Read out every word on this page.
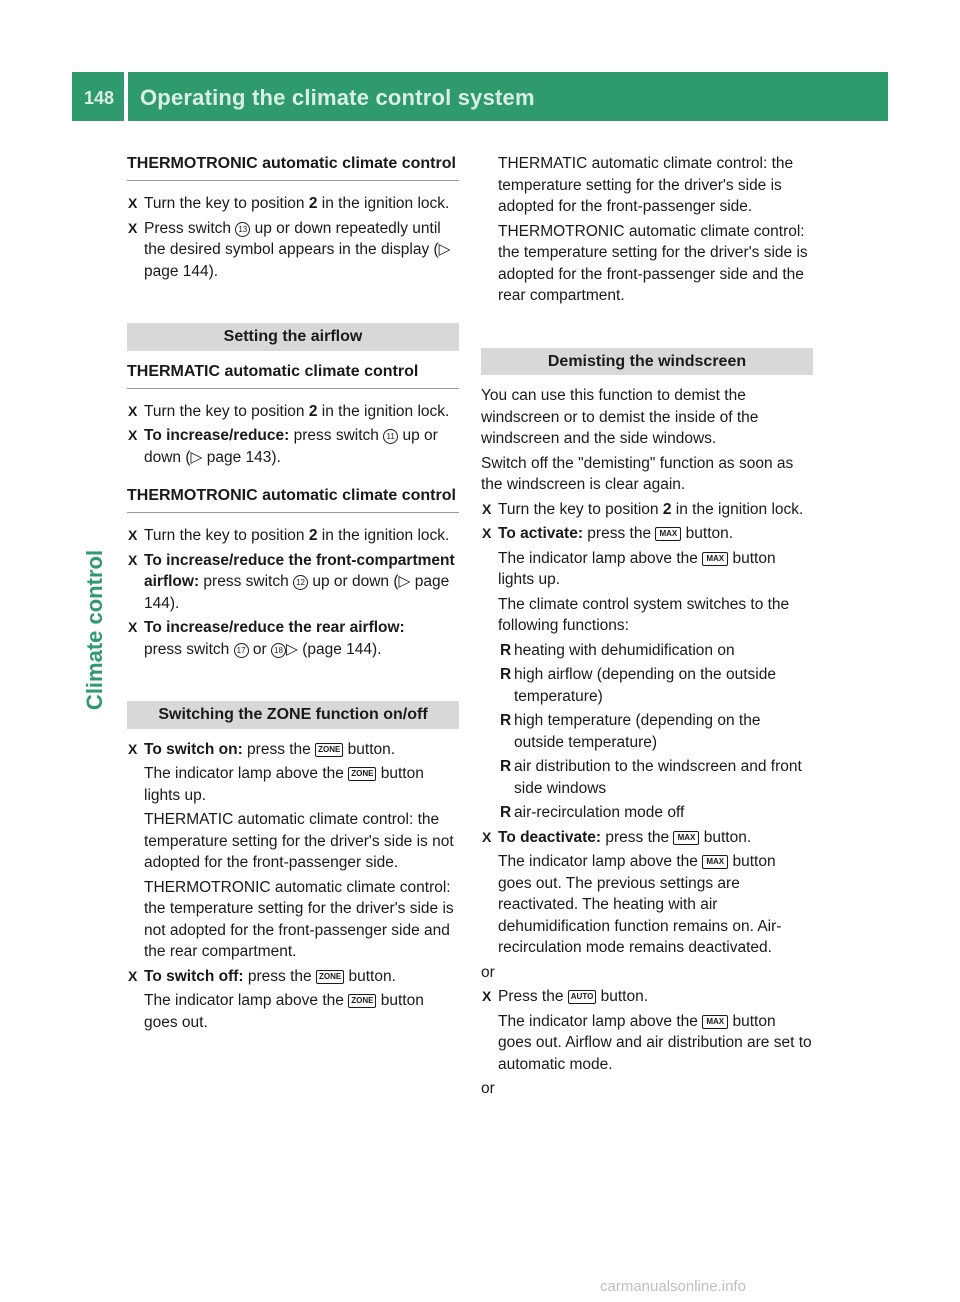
148 Operating the climate control system
Climate control
THERMOTRONIC automatic climate control
X Turn the key to position 2 in the ignition lock.
X Press switch 13 up or down repeatedly until the desired symbol appears in the display (▷ page 144).
Setting the airflow
THERMATIC automatic climate control
X Turn the key to position 2 in the ignition lock.
X To increase/reduce: press switch 11 up or down (▷ page 143).
THERMOTRONIC automatic climate control
X Turn the key to position 2 in the ignition lock.
X To increase/reduce the front-compartment airflow: press switch 12 up or down (▷ page 144).
X To increase/reduce the rear airflow:
press switch 17 or 18 ▷ (page 144).
Switching the ZONE function on/off
X To switch on: press the ZONE button.
The indicator lamp above the ZONE button lights up.
THERMATIC automatic climate control: the temperature setting for the driver's side is not adopted for the front-passenger side.
THERMOTRONIC automatic climate control: the temperature setting for the driver's side is not adopted for the front-passenger side and the rear compartment.
X To switch off: press the ZONE button.
The indicator lamp above the ZONE button goes out.
THERMATIC automatic climate control: the temperature setting for the driver's side is adopted for the front-passenger side.
THERMOTRONIC automatic climate control: the temperature setting for the driver's side is adopted for the front-passenger side and the rear compartment.
Demisting the windscreen
You can use this function to demist the windscreen or to demist the inside of the windscreen and the side windows.
Switch off the "demisting" function as soon as the windscreen is clear again.
X Turn the key to position 2 in the ignition lock.
X To activate: press the MAX button.
The indicator lamp above the MAX button lights up.
The climate control system switches to the following functions:
R heating with dehumidification on
R high airflow (depending on the outside temperature)
R high temperature (depending on the outside temperature)
R air distribution to the windscreen and front side windows
R air-recirculation mode off
X To deactivate: press the MAX button.
The indicator lamp above the MAX button goes out. The previous settings are reactivated. The heating with air dehumidification function remains on. Air-recirculation mode remains deactivated.
or
X Press the AUTO button.
The indicator lamp above the MAX button goes out. Airflow and air distribution are set to automatic mode.
or
carmanualsonline.info
